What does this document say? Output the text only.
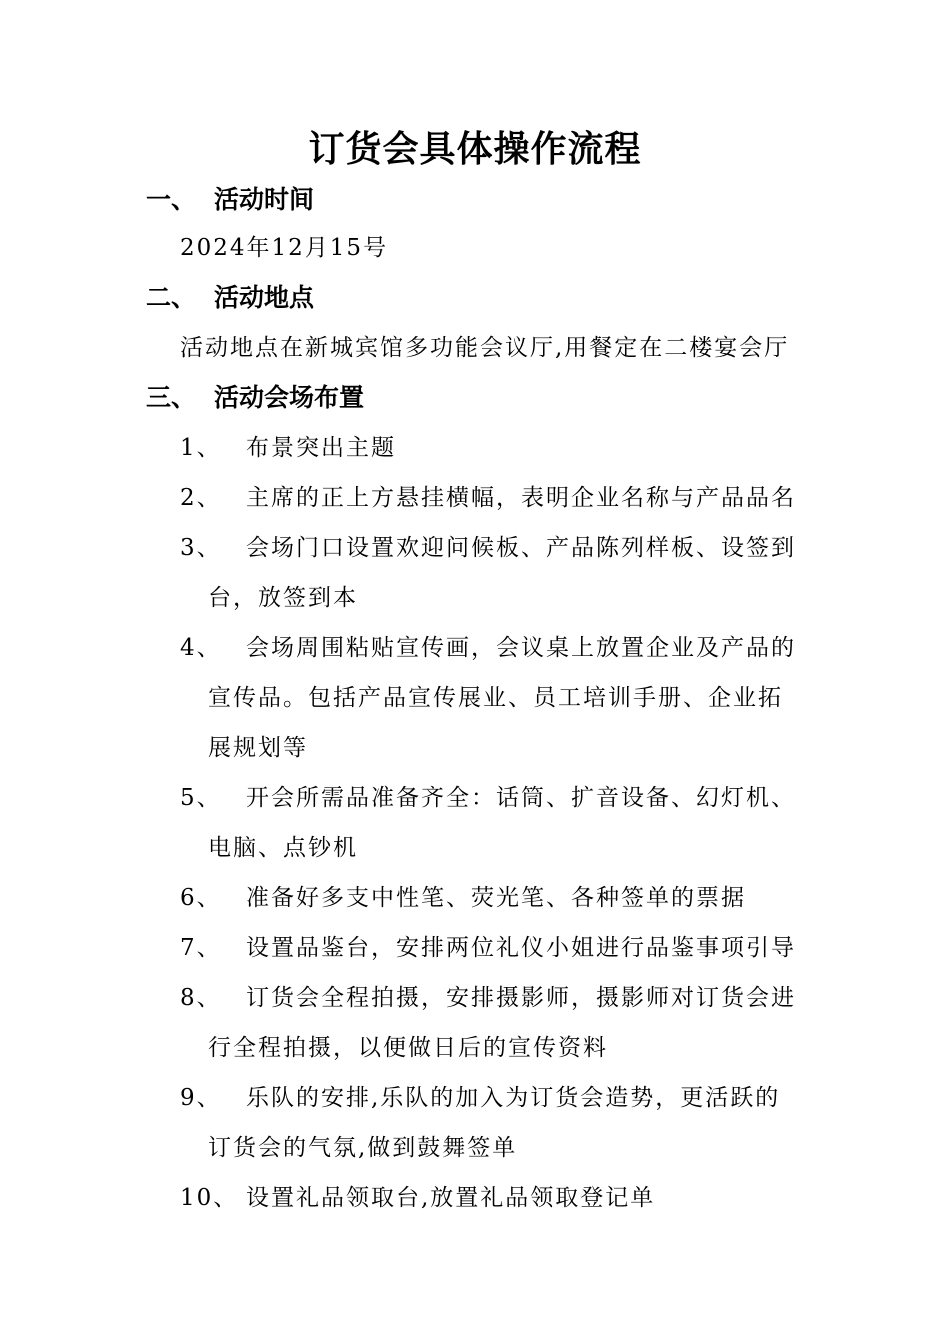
订货会具体操作流程
一、 活动时间
2024年12月15号
二、 活动地点
活动地点在新城宾馆多功能会议厅,用餐定在二楼宴会厅
三、 活动会场布置
1、 布景突出主题
2、 主席的正上方悬挂横幅，表明企业名称与产品品名
3、 会场门口设置欢迎问候板、产品陈列样板、设签到
台，放签到本
4、 会场周围粘贴宣传画，会议桌上放置企业及产品的
宣传品。包括产品宣传展业、员工培训手册、企业拓
展规划等
5、 开会所需品准备齐全：话筒、扩音设备、幻灯机、
电脑、点钞机
6、 准备好多支中性笔、荧光笔、各种签单的票据
7、 设置品鉴台，安排两位礼仪小姐进行品鉴事项引导
8、 订货会全程拍摄，安排摄影师，摄影师对订货会进
行全程拍摄，以便做日后的宣传资料
9、 乐队的安排,乐队的加入为订货会造势，更活跃的
订货会的气氛,做到鼓舞签单
10、 设置礼品领取台,放置礼品领取登记单
